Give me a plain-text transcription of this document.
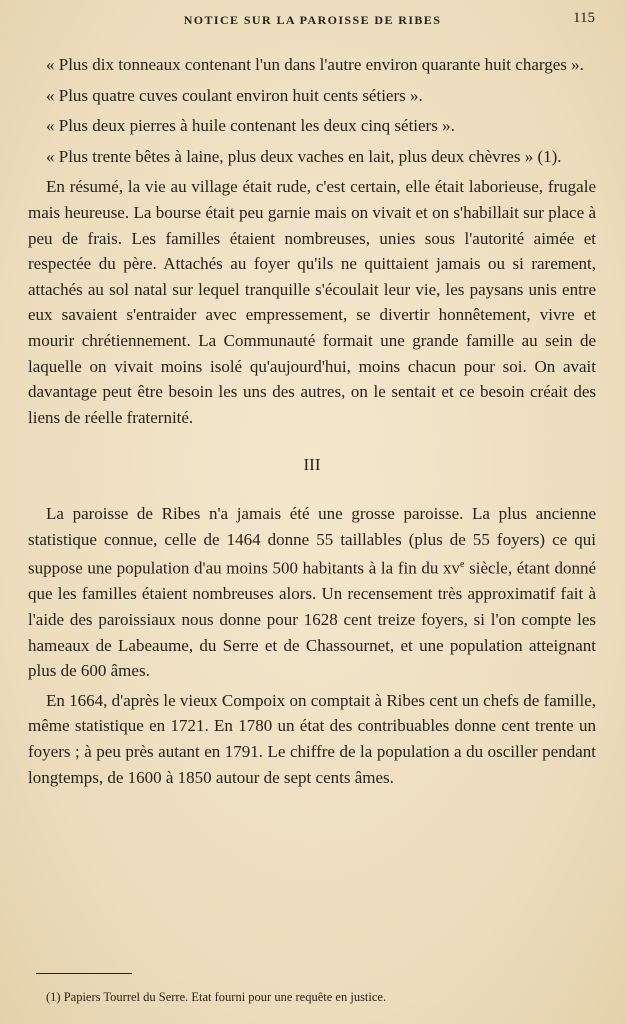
NOTICE SUR LA PAROISSE DE RIBES	115

« Plus dix tonneaux contenant l'un dans l'autre environ quarante huit charges ».

« Plus quatre cuves coulant environ huit cents sétiers ».

« Plus deux pierres à huile contenant les deux cinq sétiers ».

« Plus trente bêtes à laine, plus deux vaches en lait, plus deux chèvres » (1).

En résumé, la vie au village était rude, c'est certain, elle était laborieuse, frugale mais heureuse. La bourse était peu garnie mais on vivait et on s'habillait sur place à peu de frais. Les familles étaient nombreuses, unies sous l'autorité aimée et respectée du père. Attachés au foyer qu'ils ne quittaient jamais ou si rarement, attachés au sol natal sur lequel tranquille s'écoulait leur vie, les paysans unis entre eux savaient s'entraider avec empressement, se divertir honnêtement, vivre et mourir chrétiennement. La Communauté formait une grande famille au sein de laquelle on vivait moins isolé qu'aujourd'hui, moins chacun pour soi. On avait davantage peut être besoin les uns des autres, on le sentait et ce besoin créait des liens de réelle fraternité.

III

La paroisse de Ribes n'a jamais été une grosse paroisse. La plus ancienne statistique connue, celle de 1464 donne 55 taillables (plus de 55 foyers) ce qui suppose une population d'au moins 500 habitants à la fin du $xv^e$ siècle, étant donné que les familles étaient nombreuses alors. Un recensement très approximatif fait à l'aide des paroissiaux nous donne pour 1628 cent treize foyers, si l'on compte les hameaux de Labeaume, du Serre et de Chassournet, et une population atteignant plus de 600 âmes.

En 1664, d'après le vieux Compoix on comptait à Ribes cent un chefs de famille, même statistique en 1721. En 1780 un état des contribuables donne cent trente un foyers ; à peu près autant en 1791. Le chiffre de la population a du osciller pendant longtemps, de 1600 à 1850 autour de sept cents âmes.

(1) Papiers Tourrel du Serre. Etat fourni pour une requête en justice.
